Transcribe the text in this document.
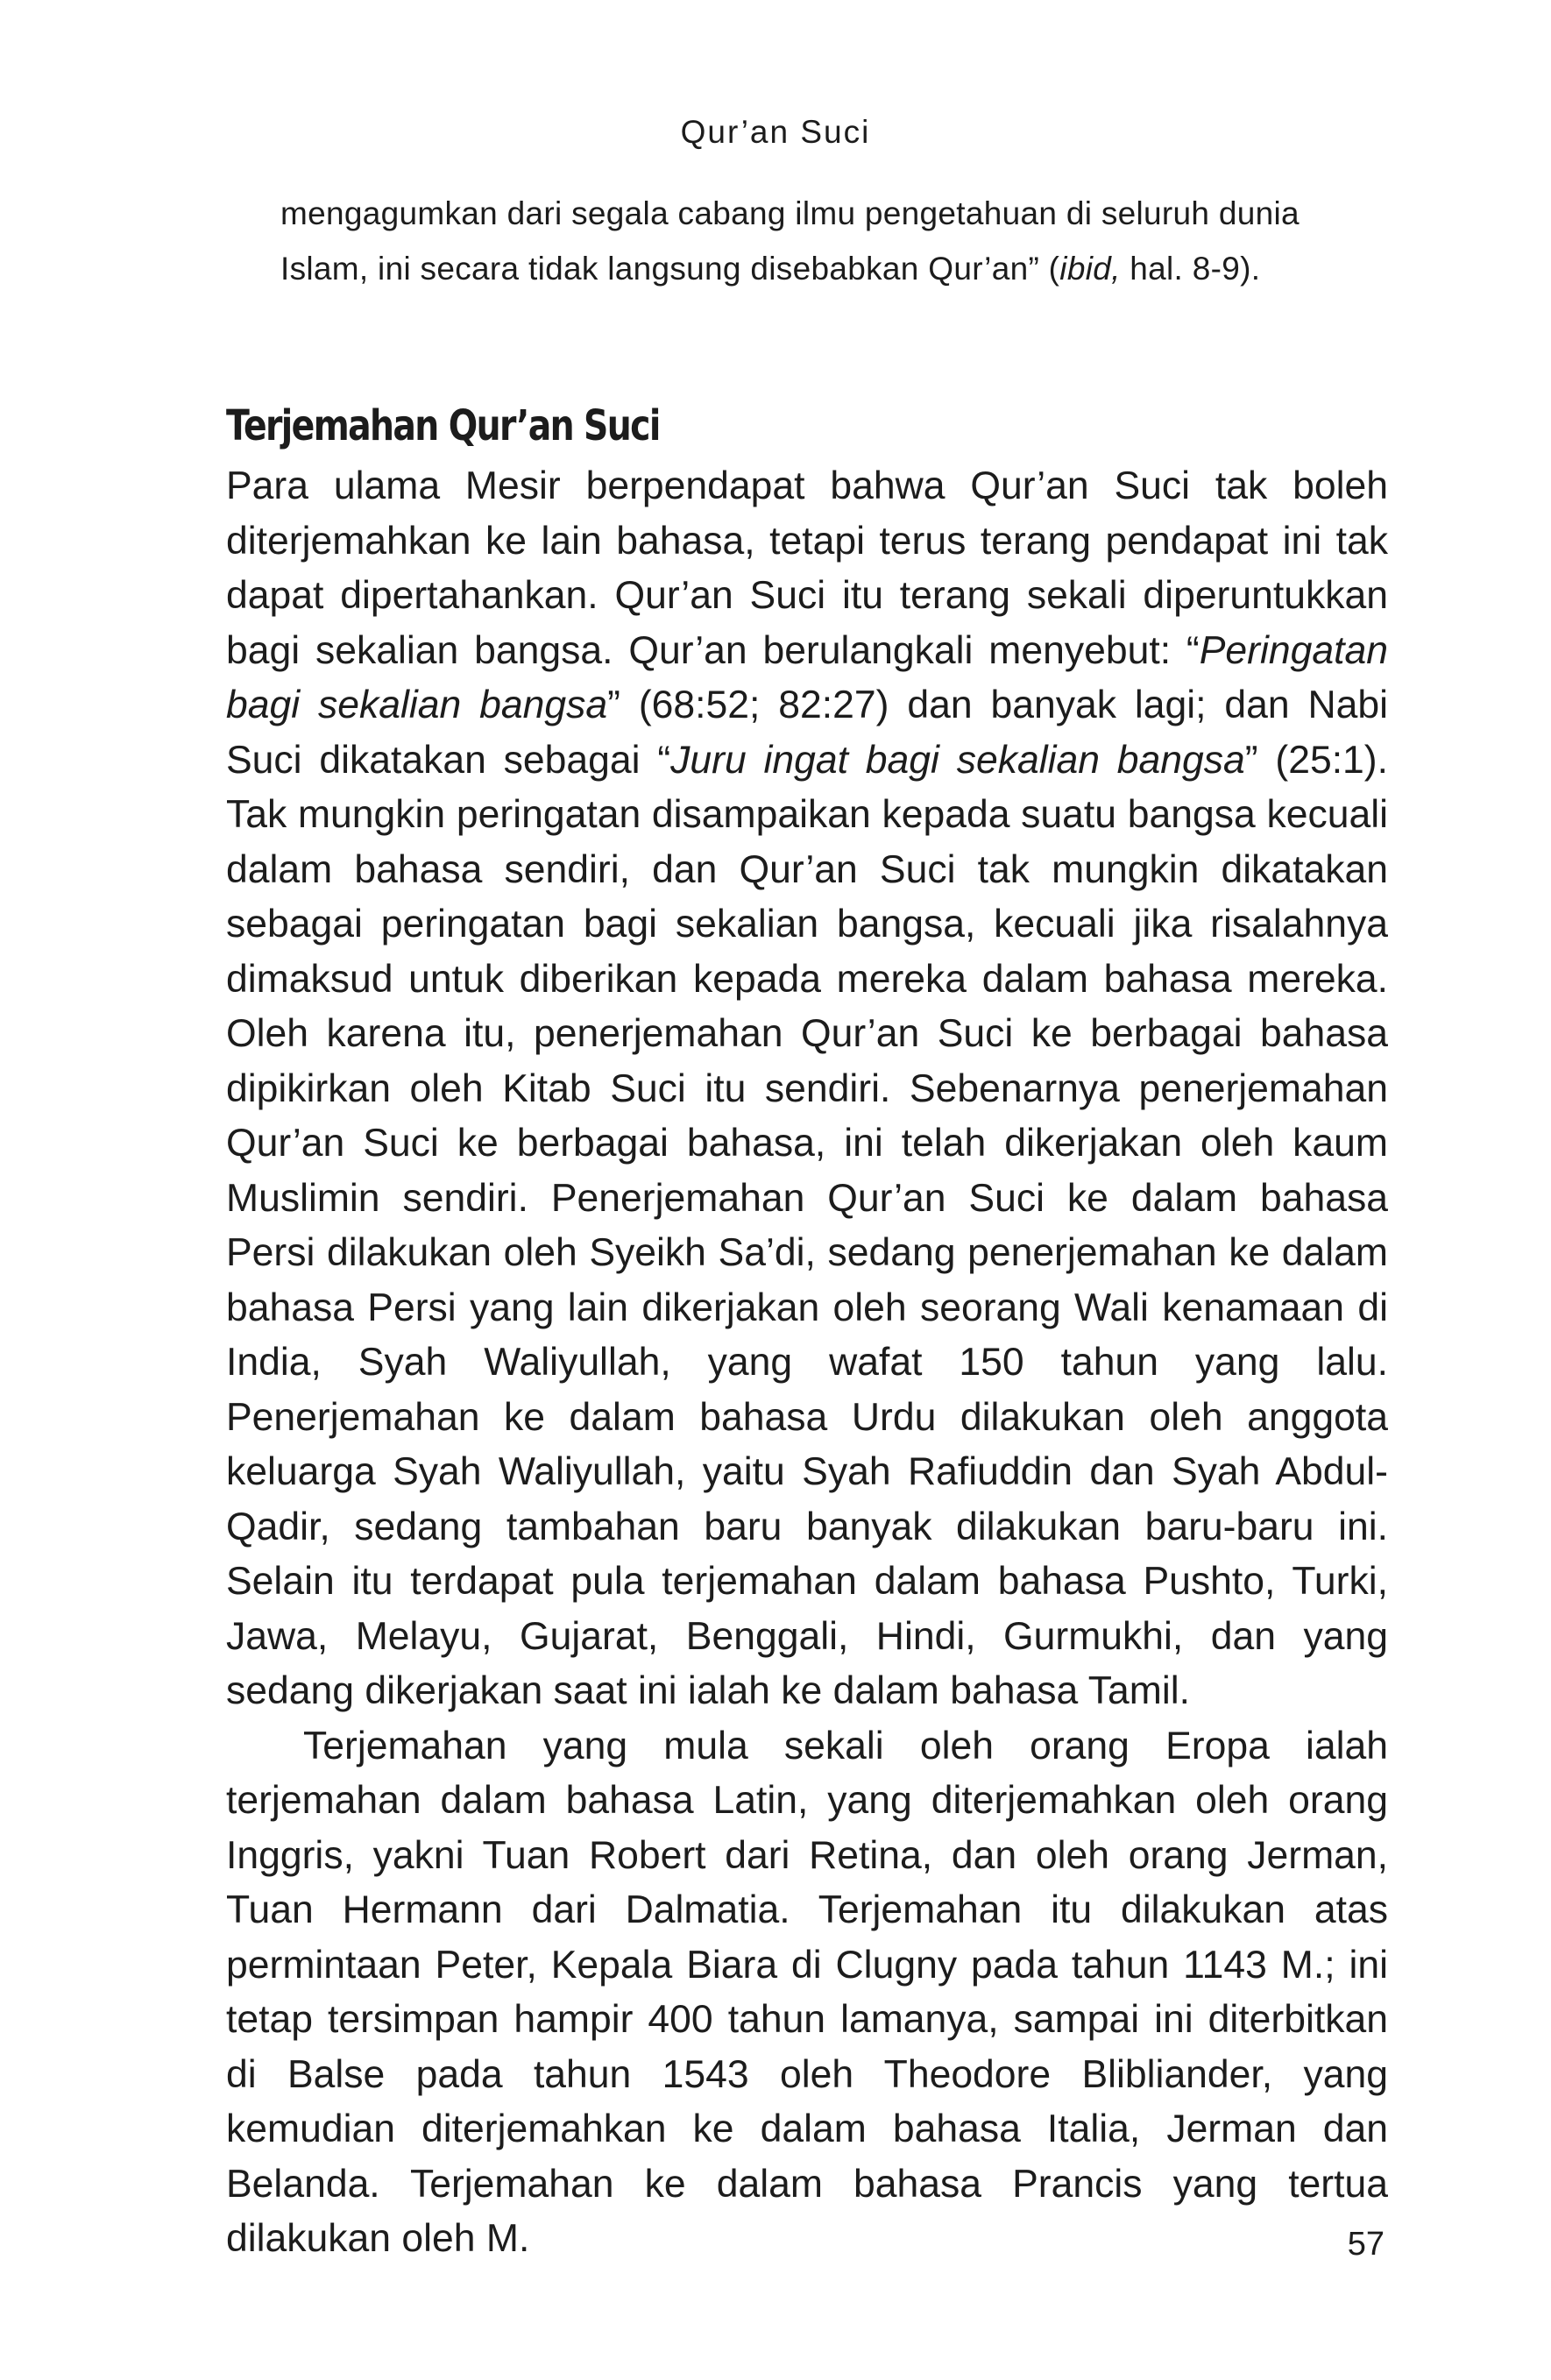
Qur’an Suci
mengagumkan dari segala cabang ilmu pengetahuan di seluruh dunia Islam, ini secara tidak langsung disebabkan Qur’an” (ibid, hal. 8-9).
Terjemahan Qur’an Suci

Para ulama Mesir berpendapat bahwa Qur’an Suci tak boleh diterjemahkan ke lain bahasa, tetapi terus terang pendapat ini tak dapat dipertahankan. Qur’an Suci itu terang sekali diperuntukkan bagi sekalian bangsa. Qur’an berulangkali menyebut: “Peringatan bagi sekalian bangsa” (68:52; 82:27) dan banyak lagi; dan Nabi Suci dikatakan sebagai “Juru ingat bagi sekalian bangsa” (25:1). Tak mungkin peringatan disampaikan kepada suatu bangsa kecuali dalam bahasa sendiri, dan Qur’an Suci tak mungkin dikatakan sebagai peringatan bagi sekalian bangsa, kecuali jika risalahnya dimaksud untuk diberikan kepada mereka dalam bahasa mereka. Oleh karena itu, penerjemahan Qur’an Suci ke berbagai bahasa dipikirkan oleh Kitab Suci itu sendiri. Sebenarnya penerjemahan Qur’an Suci ke berbagai bahasa, ini telah dikerjakan oleh kaum Muslimin sendiri. Penerjemahan Qur’an Suci ke dalam bahasa Persi dilakukan oleh Syeikh Sa’di, sedang penerjemahan ke dalam bahasa Persi yang lain dikerjakan oleh seorang Wali kenamaan di India, Syah Waliyullah, yang wafat 150 tahun yang lalu. Penerjemahan ke dalam bahasa Urdu dilakukan oleh anggota keluarga Syah Waliyullah, yaitu Syah Rafiuddin dan Syah Abdul-Qadir, sedang tambahan baru banyak dilakukan baru-baru ini. Selain itu terdapat pula terjemahan dalam bahasa Pushto, Turki, Jawa, Melayu, Gujarat, Benggali, Hindi, Gurmukhi, dan yang sedang dikerjakan saat ini ialah ke dalam bahasa Tamil.

Terjemahan yang mula sekali oleh orang Eropa ialah terjemahan dalam bahasa Latin, yang diterjemahkan oleh orang Inggris, yakni Tuan Robert dari Retina, dan oleh orang Jerman, Tuan Hermann dari Dalmatia. Terjemahan itu dilakukan atas permintaan Peter, Kepala Biara di Clugny pada tahun 1143 M.; ini tetap tersimpan hampir 400 tahun lamanya, sampai ini diterbitkan di Balse pada tahun 1543 oleh Theodore Blibliander, yang kemudian diterjemahkan ke dalam bahasa Italia, Jerman dan Belanda. Terjemahan ke dalam bahasa Prancis yang tertua dilakukan oleh M.	57
